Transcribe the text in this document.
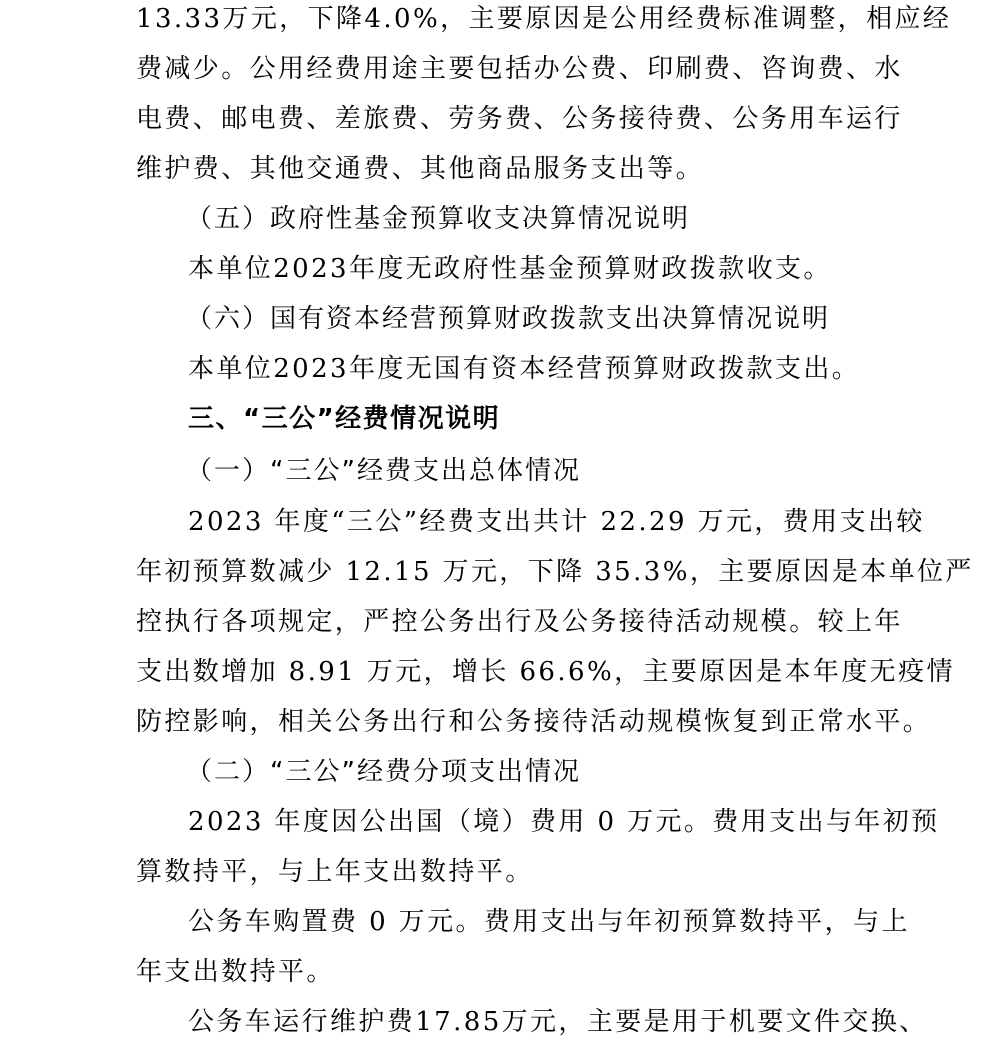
13.33万元，下降4.0%，主要原因是公用经费标准调整，相应经
费减少。公用经费用途主要包括办公费、印刷费、咨询费、水
电费、邮电费、差旅费、劳务费、公务接待费、公务用车运行
维护费、其他交通费、其他商品服务支出等。
（五）政府性基金预算收支决算情况说明
本单位2023年度无政府性基金预算财政拨款收支。
（六）国有资本经营预算财政拨款支出决算情况说明
本单位2023年度无国有资本经营预算财政拨款支出。
三、“三公”经费情况说明
（一）“三公”经费支出总体情况
2023 年度“三公”经费支出共计 22.29 万元，费用支出较
年初预算数减少 12.15 万元，下降 35.3%，主要原因是本单位严
控执行各项规定，严控公务出行及公务接待活动规模。较上年
支出数增加 8.91 万元，增长 66.6%，主要原因是本年度无疫情
防控影响，相关公务出行和公务接待活动规模恢复到正常水平。
（二）“三公”经费分项支出情况
2023 年度因公出国（境）费用 0 万元。费用支出与年初预
算数持平，与上年支出数持平。
公务车购置费 0 万元。费用支出与年初预算数持平，与上
年支出数持平。
公务车运行维护费17.85万元，主要是用于机要文件交换、
